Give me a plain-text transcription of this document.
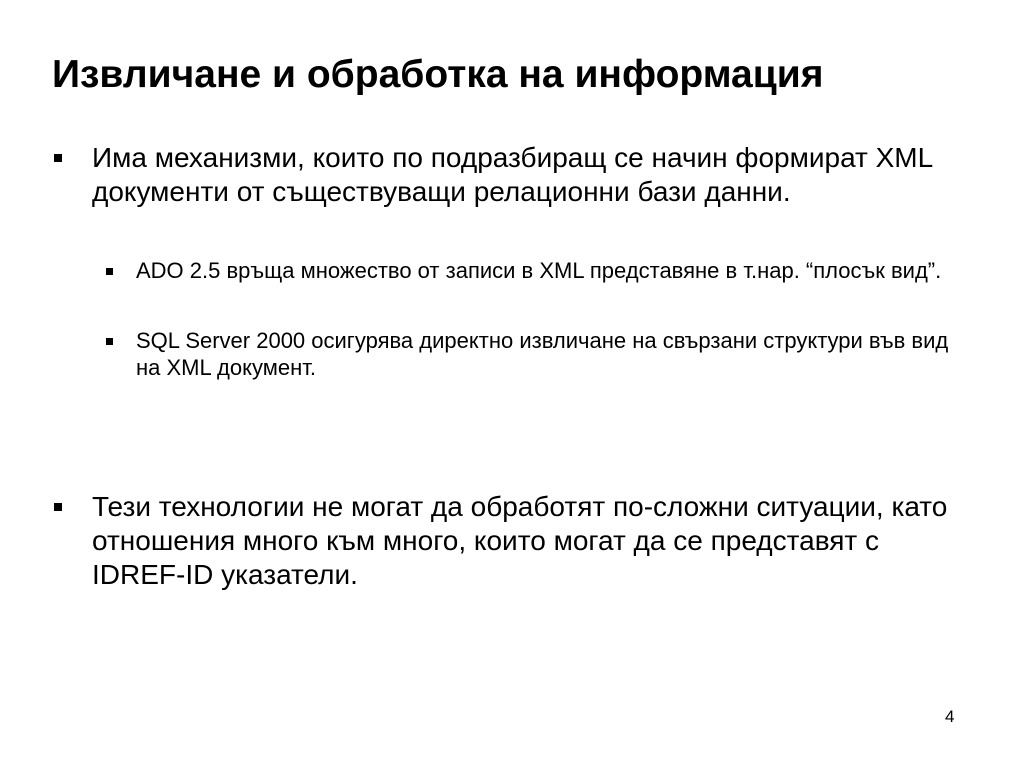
Извличане и обработка на информация
Има механизми, които по подразбиращ се начин формират XML документи от съществуващи релационни бази данни.
ADO 2.5 връща множество от записи в XML представяне в т.нар. “плосък вид”.
SQL Server 2000 осигурява директно извличане на свързани структури във вид на XML документ.
Тези технологии не могат да обработят по-сложни ситуации, като отношения много към много, които могат да се представят с IDREF-ID указатели.
4
